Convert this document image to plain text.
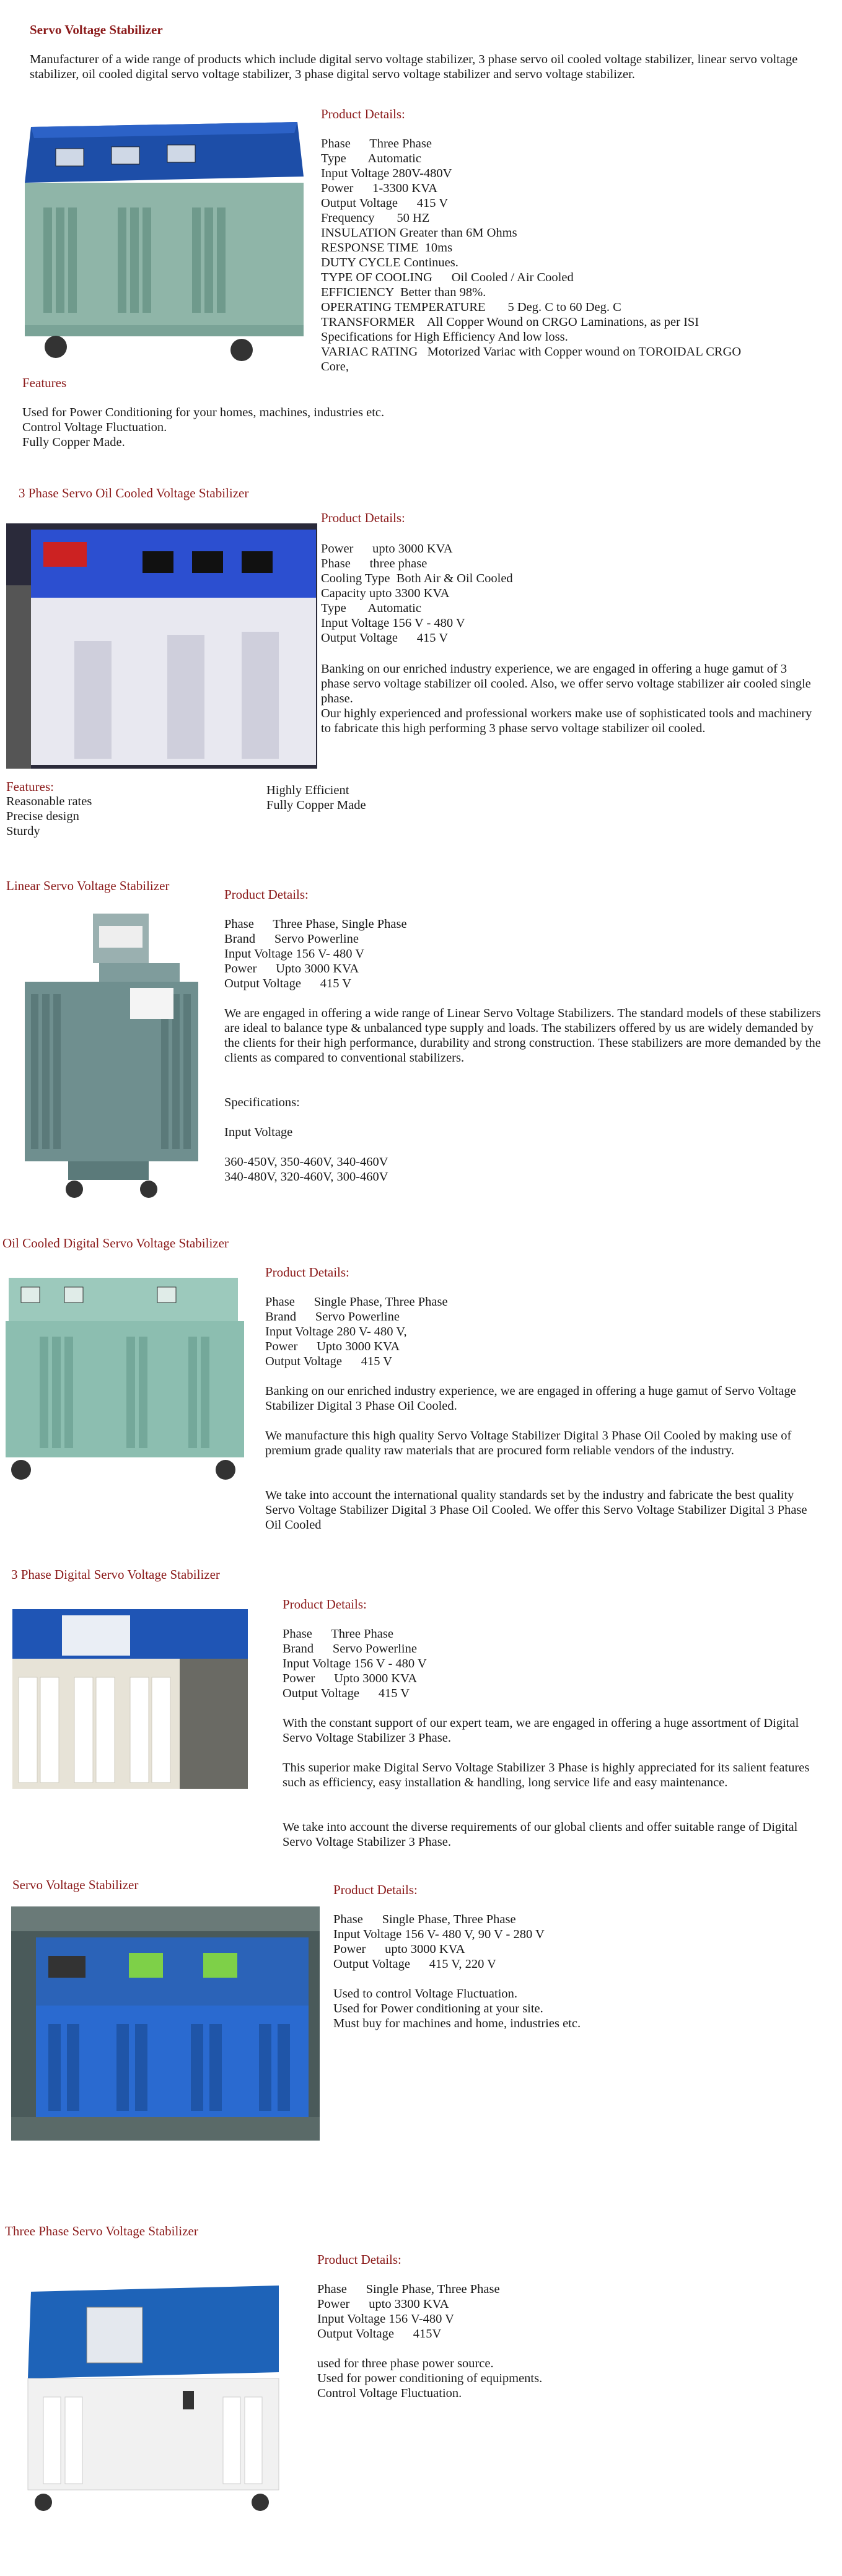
Servo Voltage Stabilizer

Manufacturer of a wide range of products which include digital servo voltage stabilizer, 3 phase servo oil cooled voltage stabilizer, linear servo voltage stabilizer, oil cooled digital servo voltage stabilizer, 3 phase digital servo voltage stabilizer and servo voltage stabilizer.

Product Details:
Phase      Three Phase
Type       Automatic
Input Voltage 280V-480V
Power      1-3300 KVA
Output Voltage      415 V
Frequency       50 HZ
INSULATION Greater than 6M Ohms
RESPONSE TIME  10ms
DUTY CYCLE Continues.
TYPE OF COOLING      Oil Cooled / Air Cooled
EFFICIENCY  Better than 98%.
OPERATING TEMPERATURE       5 Deg. C to 60 Deg. C
TRANSFORMER    All Copper Wound on CRGO Laminations, as per ISI
Specifications for High Efficiency And low loss.
VARIAC RATING   Motorized Variac with Copper wound on TOROIDAL CRGO
Core,
Features
Used for Power Conditioning for your homes, machines, industries etc.
Control Voltage Fluctuation.
Fully Copper Made.
3 Phase Servo Oil Cooled Voltage Stabilizer
Product Details:
Power      upto 3000 KVA
Phase      three phase
Cooling Type  Both Air & Oil Cooled
Capacity upto 3300 KVA
Type       Automatic
Input Voltage 156 V - 480 V
Output Voltage      415 V

Banking on our enriched industry experience, we are engaged in offering a huge gamut of 3 phase servo voltage stabilizer oil cooled. Also, we offer servo voltage stabilizer air cooled single phase.

Our highly experienced and professional workers make use of sophisticated tools and machinery to fabricate this high performing 3 phase servo voltage stabilizer oil cooled.

Features:
Reasonable rates
Precise design
Sturdy
Highly Efficient
Fully Copper Made
Linear Servo Voltage Stabilizer
Product Details:
Phase      Three Phase, Single Phase
Brand      Servo Powerline
Input Voltage 156 V- 480 V
Power      Upto 3000 KVA
Output Voltage      415 V

We are engaged in offering a wide range of Linear Servo Voltage Stabilizers. The standard models of these stabilizers are ideal to balance type & unbalanced type supply and loads. The stabilizers offered by us are widely demanded by the clients for their high performance, durability and strong construction. These stabilizers are more demanded by the clients as compared to conventional stabilizers.

Specifications:

Input Voltage

360-450V, 350-460V, 340-460V
340-480V, 320-460V, 300-460V
Oil Cooled Digital Servo Voltage Stabilizer
Product Details:
Phase      Single Phase, Three Phase
Brand      Servo Powerline
Input Voltage 280 V- 480 V,
Power      Upto 3000 KVA
Output Voltage      415 V

Banking on our enriched industry experience, we are engaged in offering a huge gamut of Servo Voltage Stabilizer Digital 3 Phase Oil Cooled.

We manufacture this high quality Servo Voltage Stabilizer Digital 3 Phase Oil Cooled by making use of premium grade quality raw materials that are procured form reliable vendors of the industry.

We take into account the international quality standards set by the industry and fabricate the best quality Servo Voltage Stabilizer Digital 3 Phase Oil Cooled. We offer this Servo Voltage Stabilizer Digital 3 Phase Oil Cooled

3 Phase Digital Servo Voltage Stabilizer
Product Details:
Phase      Three Phase
Brand      Servo Powerline
Input Voltage 156 V - 480 V
Power      Upto 3000 KVA
Output Voltage      415 V

With the constant support of our expert team, we are engaged in offering a huge assortment of Digital Servo Voltage Stabilizer 3 Phase.

This superior make Digital Servo Voltage Stabilizer 3 Phase is highly appreciated for its salient features such as efficiency, easy installation & handling, long service life and easy maintenance.

We take into account the diverse requirements of our global clients and offer suitable range of Digital Servo Voltage Stabilizer 3 Phase.

Servo Voltage Stabilizer	Product Details:
Phase      Single Phase, Three Phase
Input Voltage 156 V- 480 V, 90 V - 280 V
Power      upto 3000 KVA
Output Voltage      415 V, 220 V
Used to control Voltage Fluctuation.
Used for Power conditioning at your site.
Must buy for machines and home, industries etc.
Three Phase Servo Voltage Stabilizer
Product Details:
Phase      Single Phase, Three Phase
Power      upto 3300 KVA
Input Voltage 156 V-480 V
Output Voltage      415V
used for three phase power source.
Used for power conditioning of equipments.
Control Voltage Fluctuation.
